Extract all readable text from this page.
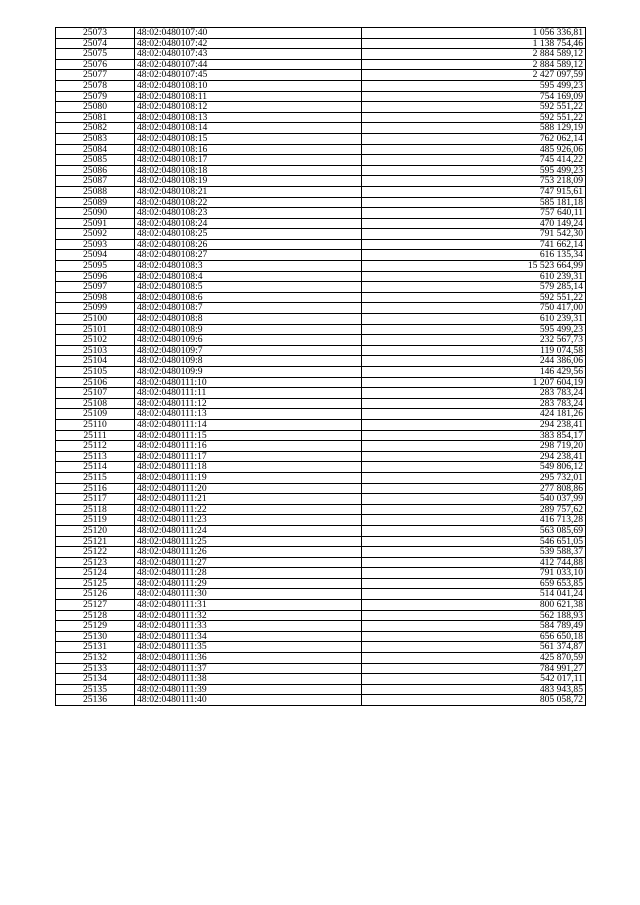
25073	48:02:0480107:40	1 056 336,81
25074	48:02:0480107:42	1 138 754,46
25075	48:02:0480107:43	2 884 589,12
25076	48:02:0480107:44	2 884 589,12
25077	48:02:0480107:45	2 427 097,59
25078	48:02:0480108:10	595 499,23
25079	48:02:0480108:11	754 169,09
25080	48:02:0480108:12	592 551,22
25081	48:02:0480108:13	592 551,22
25082	48:02:0480108:14	588 129,19
25083	48:02:0480108:15	762 062,14
25084	48:02:0480108:16	485 926,06
25085	48:02:0480108:17	745 414,22
25086	48:02:0480108:18	595 499,23
25087	48:02:0480108:19	753 218,09
25088	48:02:0480108:21	747 915,61
25089	48:02:0480108:22	585 181,18
25090	48:02:0480108:23	757 640,11
25091	48:02:0480108:24	470 149,24
25092	48:02:0480108:25	791 542,30
25093	48:02:0480108:26	741 662,14
25094	48:02:0480108:27	616 135,34
25095	48:02:0480108:3	15 523 664,99
25096	48:02:0480108:4	610 239,31
25097	48:02:0480108:5	579 285,14
25098	48:02:0480108:6	592 551,22
25099	48:02:0480108:7	750 417,00
25100	48:02:0480108:8	610 239,31
25101	48:02:0480108:9	595 499,23
25102	48:02:0480109:6	232 567,73
25103	48:02:0480109:7	119 074,58
25104	48:02:0480109:8	244 386,06
25105	48:02:0480109:9	146 429,56
25106	48:02:0480111:10	1 207 604,19
25107	48:02:0480111:11	283 783,24
25108	48:02:0480111:12	283 783,24
25109	48:02:0480111:13	424 181,26
25110	48:02:0480111:14	294 238,41
25111	48:02:0480111:15	383 854,17
25112	48:02:0480111:16	298 719,20
25113	48:02:0480111:17	294 238,41
25114	48:02:0480111:18	549 806,12
25115	48:02:0480111:19	295 732,01
25116	48:02:0480111:20	277 808,86
25117	48:02:0480111:21	540 037,99
25118	48:02:0480111:22	289 757,62
25119	48:02:0480111:23	416 713,28
25120	48:02:0480111:24	563 085,69
25121	48:02:0480111:25	546 651,05
25122	48:02:0480111:26	539 588,37
25123	48:02:0480111:27	412 744,88
25124	48:02:0480111:28	791 033,10
25125	48:02:0480111:29	659 653,85
25126	48:02:0480111:30	514 041,24
25127	48:02:0480111:31	800 621,38
25128	48:02:0480111:32	562 188,93
25129	48:02:0480111:33	584 789,49
25130	48:02:0480111:34	656 650,18
25131	48:02:0480111:35	561 374,87
25132	48:02:0480111:36	425 870,59
25133	48:02:0480111:37	784 991,27
25134	48:02:0480111:38	542 017,11
25135	48:02:0480111:39	483 943,85
25136	48:02:0480111:40	805 058,72
